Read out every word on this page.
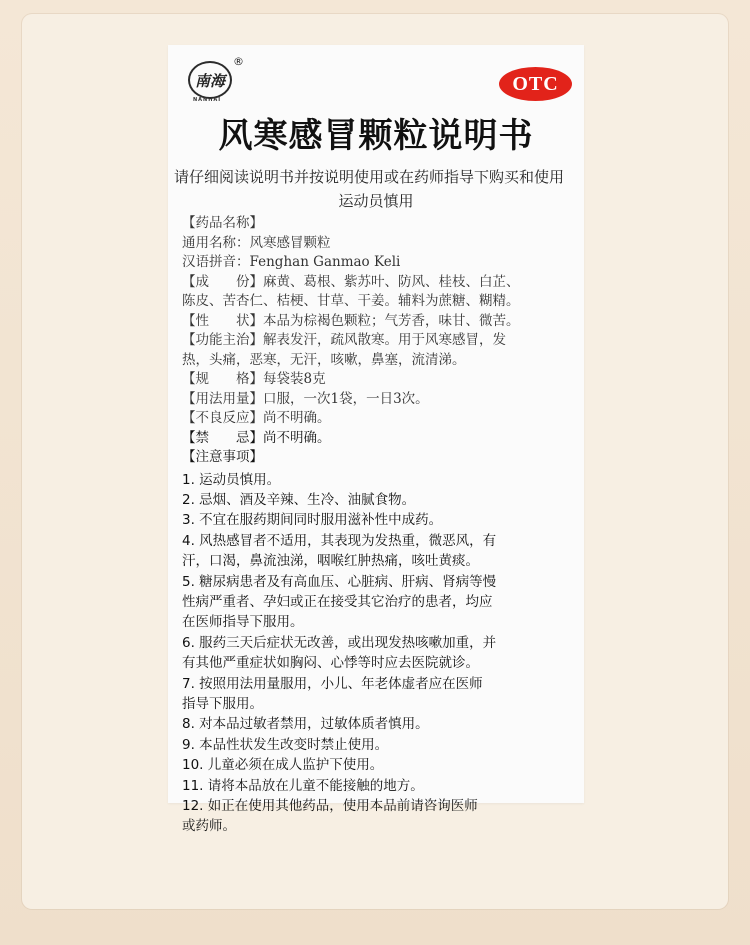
南海
®
NANHAI
OTC
风寒感冒颗粒说明书
请仔细阅读说明书并按说明使用或在药师指导下购买和使用
运动员慎用
【药品名称】
通用名称：风寒感冒颗粒
汉语拼音：Fenghan Ganmao Keli
【成　　份】麻黄、葛根、紫苏叶、防风、桂枝、白芷、
陈皮、苦杏仁、桔梗、甘草、干姜。辅料为蔗糖、糊精。
【性　　状】本品为棕褐色颗粒；气芳香，味甘、微苦。
【功能主治】解表发汗，疏风散寒。用于风寒感冒，发
热，头痛，恶寒，无汗，咳嗽，鼻塞，流清涕。
【规　　格】每袋装8克
【用法用量】口服，一次1袋，一日3次。
【不良反应】尚不明确。
【禁　　忌】尚不明确。
【注意事项】
1. 运动员慎用。
2. 忌烟、酒及辛辣、生冷、油腻食物。
3. 不宜在服药期间同时服用滋补性中成药。
4. 风热感冒者不适用，其表现为发热重，微恶风，有
汗，口渴，鼻流浊涕，咽喉红肿热痛，咳吐黄痰。
5. 糖尿病患者及有高血压、心脏病、肝病、肾病等慢
性病严重者、孕妇或正在接受其它治疗的患者，均应
在医师指导下服用。
6. 服药三天后症状无改善，或出现发热咳嗽加重，并
有其他严重症状如胸闷、心悸等时应去医院就诊。
7. 按照用法用量服用，小儿、年老体虚者应在医师
指导下服用。
8. 对本品过敏者禁用，过敏体质者慎用。
9. 本品性状发生改变时禁止使用。
10. 儿童必须在成人监护下使用。
11. 请将本品放在儿童不能接触的地方。
12. 如正在使用其他药品，使用本品前请咨询医师
或药师。
